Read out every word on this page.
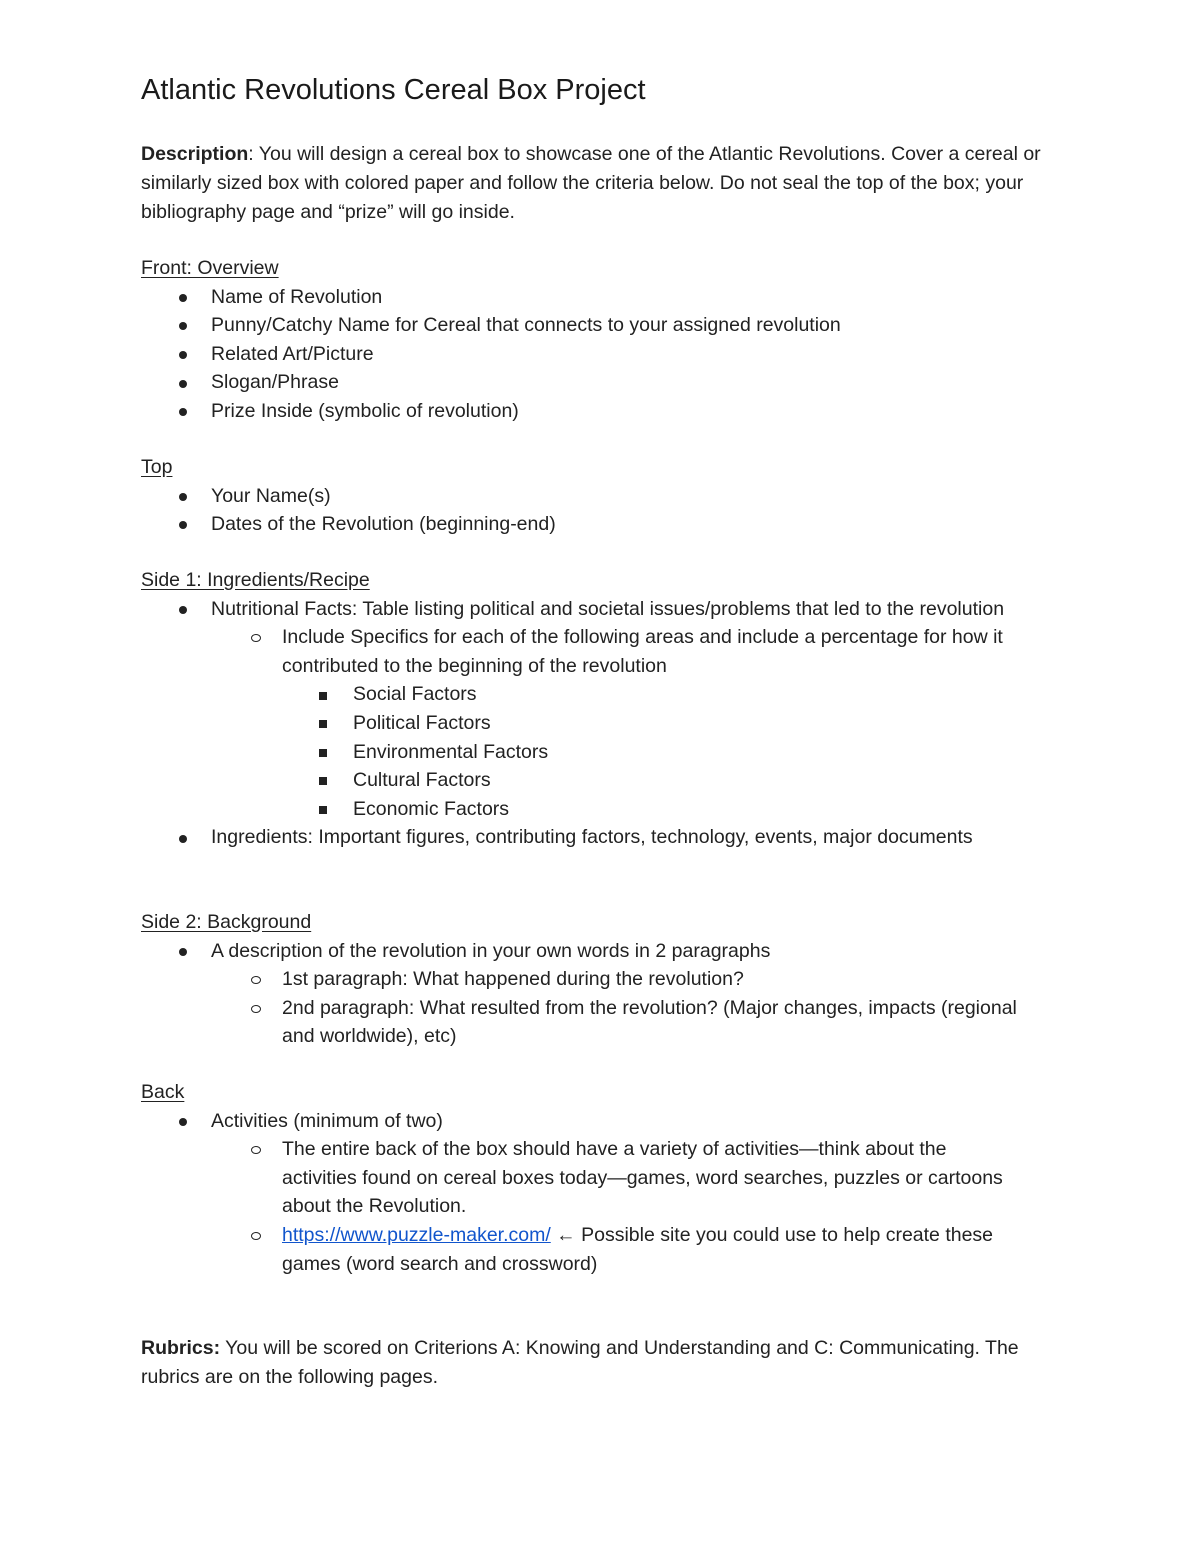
Atlantic Revolutions Cereal Box Project

Description: You will design a cereal box to showcase one of the Atlantic Revolutions. Cover a cereal or similarly sized box with colored paper and follow the criteria below. Do not seal the top of the box; your bibliography page and “prize” will go inside.

Front: Overview
Name of Revolution
Punny/Catchy Name for Cereal that connects to your assigned revolution
Related Art/Picture
Slogan/Phrase
Prize Inside (symbolic of revolution)
Top
Your Name(s)
Dates of the Revolution (beginning-end)
Side 1: Ingredients/Recipe
Nutritional Facts: Table listing political and societal issues/problems that led to the revolution
Include Specifics for each of the following areas and include a percentage for how it contributed to the beginning of the revolution
Social Factors
Political Factors
Environmental Factors
Cultural Factors
Economic Factors
Ingredients: Important figures, contributing factors, technology, events, major documents
Side 2: Background
A description of the revolution in your own words in 2 paragraphs
1st paragraph: What happened during the revolution?
2nd paragraph: What resulted from the revolution? (Major changes, impacts (regional and worldwide), etc)
Back
Activities (minimum of two)
The entire back of the box should have a variety of activities—think about the activities found on cereal boxes today—games, word searches, puzzles or cartoons about the Revolution.
https://www.puzzle-maker.com/ ← Possible site you could use to help create these games (word search and crossword)

Rubrics: You will be scored on Criterions A: Knowing and Understanding and C: Communicating. The rubrics are on the following pages.
